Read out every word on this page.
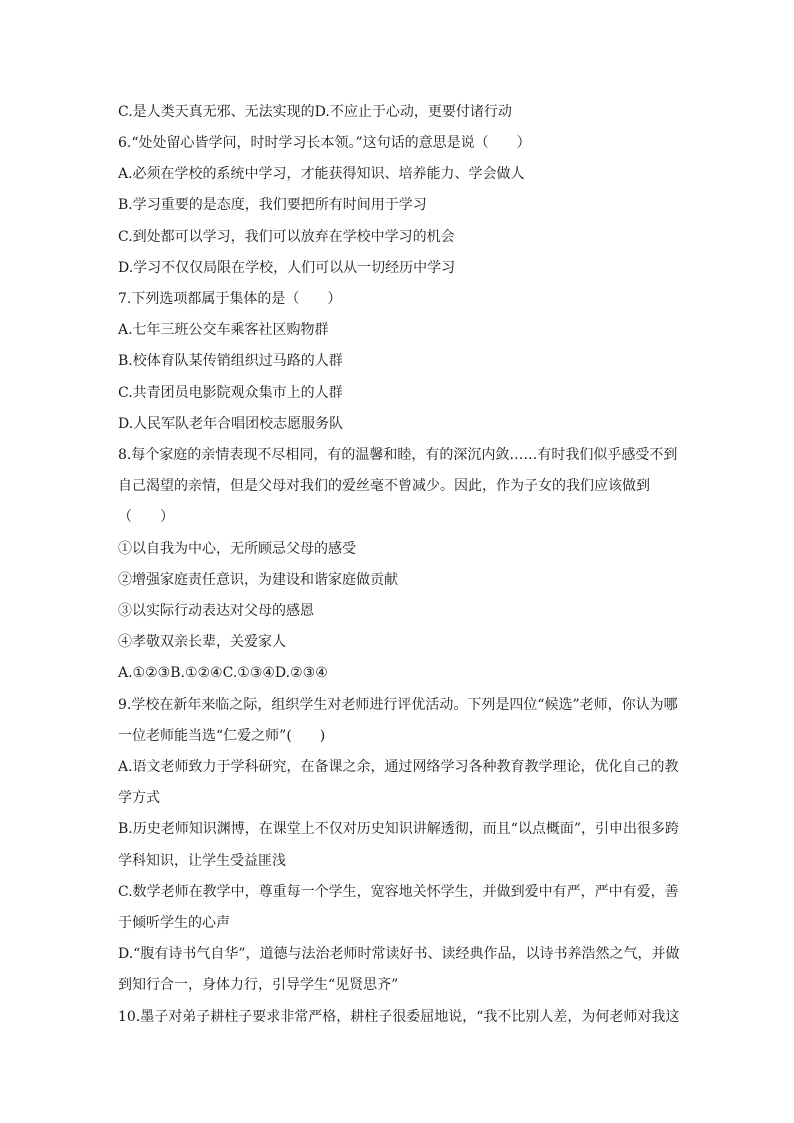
C.是人类天真无邪、无法实现的D.不应止于心动，更要付诸行动
6.“处处留心皆学问，时时学习长本领。”这句话的意思是说（　　）
A.必须在学校的系统中学习，才能获得知识、培养能力、学会做人
B.学习重要的是态度，我们要把所有时间用于学习
C.到处都可以学习，我们可以放弃在学校中学习的机会
D.学习不仅仅局限在学校，人们可以从一切经历中学习
7.下列选项都属于集体的是（　　）
A.七年三班公交车乘客社区购物群
B.校体育队某传销组织过马路的人群
C.共青团员电影院观众集市上的人群
D.人民军队老年合唱团校志愿服务队
8.每个家庭的亲情表现不尽相同，有的温馨和睦，有的深沉内敛……有时我们似乎感受不到
自己渴望的亲情，但是父母对我们的爱丝毫不曾减少。因此，作为子女的我们应该做到
（　　）
①以自我为中心，无所顾忌父母的感受
②增强家庭责任意识，为建设和谐家庭做贡献
③以实际行动表达对父母的感恩
④孝敬双亲长辈，关爱家人
A.①②③B.①②④C.①③④D.②③④
9.学校在新年来临之际，组织学生对老师进行评优活动。下列是四位“候选”老师，你认为哪
一位老师能当选“仁爱之师”(　　)
A.语文老师致力于学科研究，在备课之余，通过网络学习各种教育教学理论，优化自己的教
学方式
B.历史老师知识渊博，在课堂上不仅对历史知识讲解透彻，而且“以点概面”，引申出很多跨
学科知识，让学生受益匪浅
C.数学老师在教学中，尊重每一个学生，宽容地关怀学生，并做到爱中有严，严中有爱，善
于倾听学生的心声
D.“腹有诗书气自华”，道德与法治老师时常读好书、读经典作品，以诗书养浩然之气，并做
到知行合一，身体力行，引导学生“见贤思齐”
10.墨子对弟子耕柱子要求非常严格，耕柱子很委屈地说，“我不比别人差，为何老师对我这
